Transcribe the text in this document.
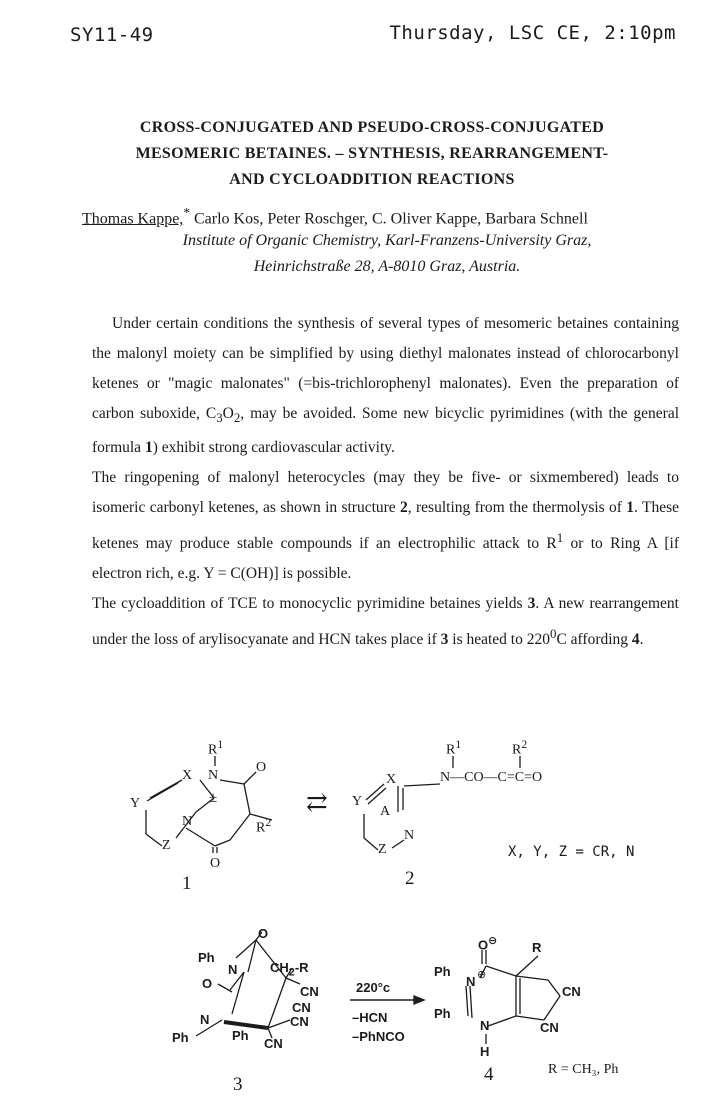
SY11-49	Thursday, LSC CE, 2:10pm
CROSS-CONJUGATED AND PSEUDO-CROSS-CONJUGATED
MESOMERIC BETAINES. – SYNTHESIS, REARRANGEMENT-
AND CYCLOADDITION REACTIONS
Thomas Kappe,* Carlo Kos, Peter Roschger, C. Oliver Kappe, Barbara Schnell
Institute of Organic Chemistry, Karl-Franzens-University Graz,
Heinrichstraße 28, A-8010 Graz, Austria.

Under certain conditions the synthesis of several types of mesomeric betaines containing the malonyl moiety can be simplified by using diethyl malonates instead of chlorocarbonyl ketenes or "magic malonates" (=bis-trichlorophenyl malonates). Even the preparation of carbon suboxide, $C_3O_2$, may be avoided. Some new bicyclic pyrimidines (with the general formula 1) exhibit strong cardiovascular activity.

The ringopening of malonyl heterocycles (may they be five- or sixmembered) leads to isomeric carbonyl ketenes, as shown in structure 2, resulting from the thermolysis of 1. These ketenes may produce stable compounds if an electrophilic attack to $R^1$ or to Ring A [if electron rich, e.g. Y = C(OH)] is possible.

The cycloaddition of TCE to monocyclic pyrimidine betaines yields 3. A new rearrangement under the loss of arylisocyanate and HCN takes place if 3 is heated to $220^0C$ affording 4.

$R^1$
N
X
Y
Z
N
±
O
O
$R^2$
1
⇄
$R^1$	$R^2$
N—CO—C=C=O
X
Y
Z
N
A
X, Y, Z = CR, N
2
Ph
N	$CH_2-R$
O
O
CN
CN
CN
CN
N
Ph
Ph
3
220°c
–HCN
–PhNCO
O⊖	R
Ph
N ⊕
CN
CN
Ph
N
H
4	R = CH₃, Ph
